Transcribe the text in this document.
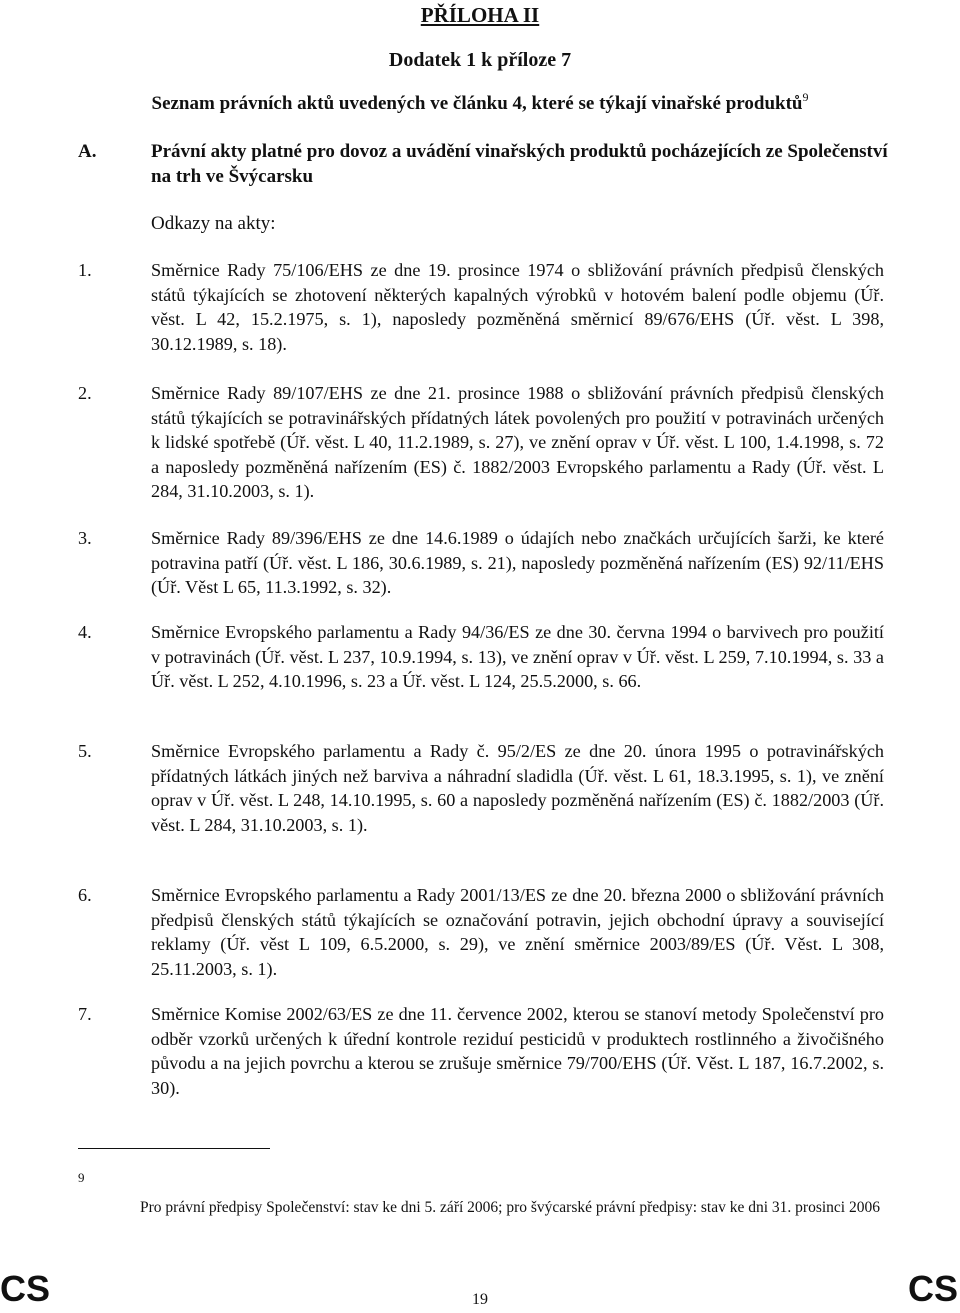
PŘÍLOHA II
Dodatek 1 k příloze 7
Seznam právních aktů uvedených ve článku 4, které se týkají vinařské produktů$^9$
A.	Právní akty platné pro dovoz a uvádění vinařských produktů pocházejících ze Společenství na trh ve Švýcarsku
Odkazy na akty:
1.	Směrnice Rady 75/106/EHS ze dne 19. prosince 1974 o sbližování právních předpisů členských států týkajících se zhotovení některých kapalných výrobků v hotovém balení podle objemu (Úř. věst. L 42, 15.2.1975, s. 1), naposledy pozměněná směrnicí 89/676/EHS (Úř. věst. L 398, 30.12.1989, s. 18).
2.	Směrnice Rady 89/107/EHS ze dne 21. prosince 1988 o sbližování právních předpisů členských států týkajících se potravinářských přídatných látek povolených pro použití v potravinách určených k lidské spotřebě (Úř. věst. L 40, 11.2.1989, s. 27), ve znění oprav v Úř. věst. L 100, 1.4.1998, s. 72 a naposledy pozměněná nařízením (ES) č. 1882/2003 Evropského parlamentu a Rady (Úř. věst. L 284, 31.10.2003, s. 1).
3.	Směrnice Rady 89/396/EHS ze dne 14.6.1989 o údajích nebo značkách určujících šarži, ke které potravina patří (Úř. věst. L 186, 30.6.1989, s. 21), naposledy pozměněná nařízením (ES) 92/11/EHS (Úř. Věst L 65, 11.3.1992, s. 32).
4.	Směrnice Evropského parlamentu a Rady 94/36/ES ze dne 30. června 1994 o barvivech pro použití v potravinách (Úř. věst. L 237, 10.9.1994, s. 13), ve znění oprav v Úř. věst. L 259, 7.10.1994, s. 33 a Úř. věst. L 252, 4.10.1996, s. 23 a Úř. věst. L 124, 25.5.2000, s. 66.
5.	Směrnice Evropského parlamentu a Rady č. 95/2/ES ze dne 20. února 1995 o potravinářských přídatných látkách jiných než barviva a náhradní sladidla (Úř. věst. L 61, 18.3.1995, s. 1), ve znění oprav v Úř. věst. L 248, 14.10.1995, s. 60 a naposledy pozměněná nařízením (ES) č. 1882/2003 (Úř. věst. L 284, 31.10.2003, s. 1).
6.	Směrnice Evropského parlamentu a Rady 2001/13/ES ze dne 20. března 2000 o sbližování právních předpisů členských států týkajících se označování potravin, jejich obchodní úpravy a související reklamy (Úř. věst L 109, 6.5.2000, s. 29), ve znění směrnice 2003/89/ES (Úř. Věst. L 308, 25.11.2003, s. 1).
7.	Směrnice Komise 2002/63/ES ze dne 11. července 2002, kterou se stanoví metody Společenství pro odběr vzorků určených k úřední kontrole reziduí pesticidů v produktech rostlinného a živočišného původu a na jejich povrchu a kterou se zrušuje směrnice 79/700/EHS (Úř. Věst. L 187, 16.7.2002, s. 30).
9
Pro právní předpisy Společenství: stav ke dni 5. září 2006; pro švýcarské právní předpisy: stav ke dni 31. prosinci 2006
CS	19	CS
